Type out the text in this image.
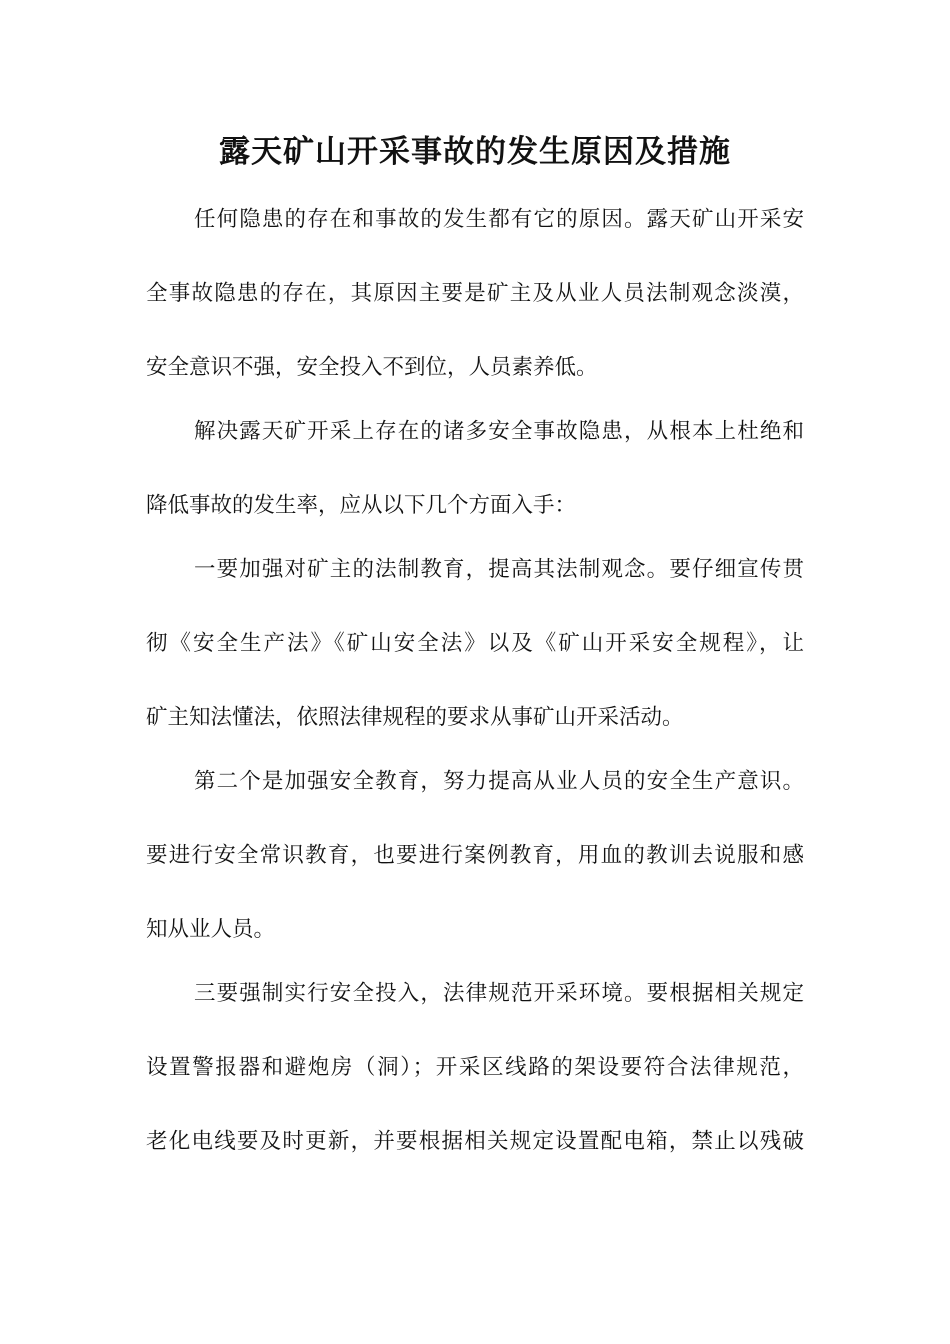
露天矿山开采事故的发生原因及措施
任何隐患的存在和事故的发生都有它的原因。露天矿山开采安
全事故隐患的存在，其原因主要是矿主及从业人员法制观念淡漠，
安全意识不强，安全投入不到位，人员素养低。
解决露天矿开采上存在的诸多安全事故隐患，从根本上杜绝和
降低事故的发生率，应从以下几个方面入手：
一要加强对矿主的法制教育，提高其法制观念。要仔细宣传贯
彻《安全生产法》《矿山安全法》以及《矿山开采安全规程》，让
矿主知法懂法，依照法律规程的要求从事矿山开采活动。
第二个是加强安全教育，努力提高从业人员的安全生产意识。
要进行安全常识教育，也要进行案例教育，用血的教训去说服和感
知从业人员。
三要强制实行安全投入，法律规范开采环境。要根据相关规定
设置警报器和避炮房（洞）；开采区线路的架设要符合法律规范，
老化电线要及时更新，并要根据相关规定设置配电箱，禁止以残破
